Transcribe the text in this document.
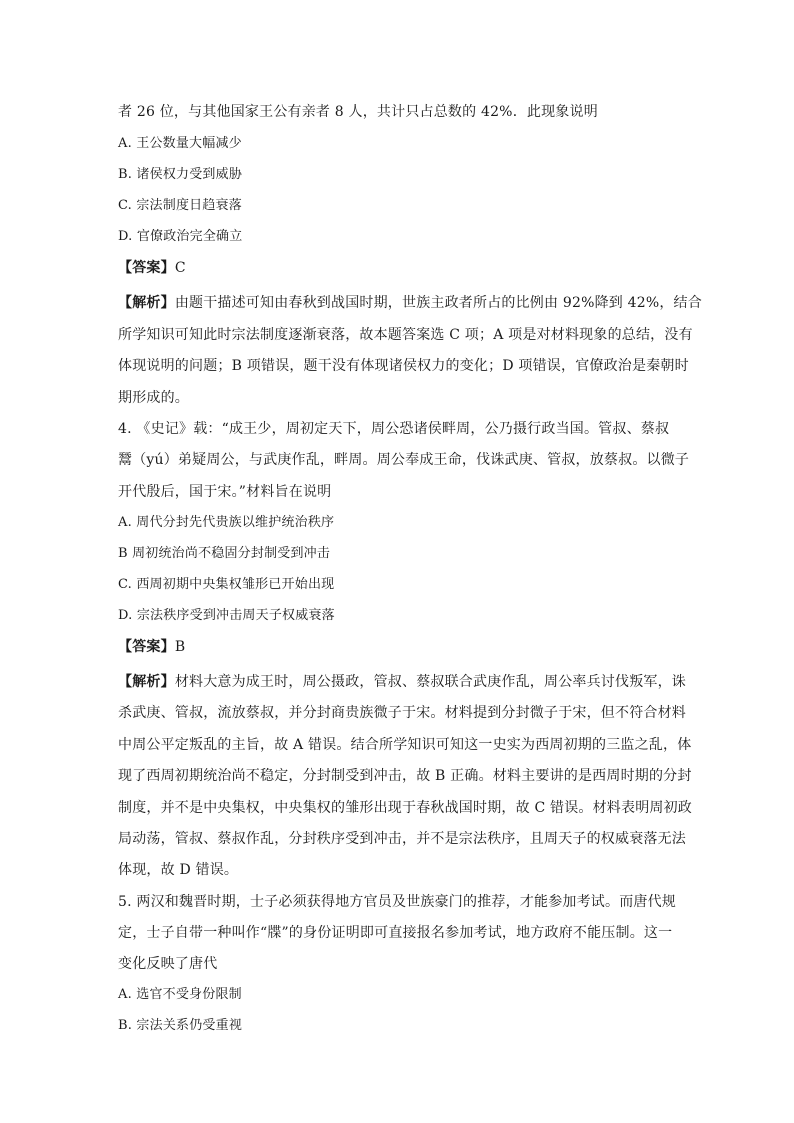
者 26 位，与其他国家王公有亲者 8 人，共计只占总数的 42%．此现象说明
A. 王公数量大幅减少
B. 诸侯权力受到威胁
C. 宗法制度日趋衰落
D. 官僚政治完全确立
【答案】C
【解析】由题干描述可知由春秋到战国时期，世族主政者所占的比例由 92%降到 42%，结合
所学知识可知此时宗法制度逐渐衰落，故本题答案选 C 项；A 项是对材料现象的总结，没有
体现说明的问题；B 项错误，题干没有体现诸侯权力的变化；D 项错误，官僚政治是秦朝时
期形成的。
4. 《史记》载：“成王少，周初定天下，周公恐诸侯畔周，公乃摄行政当国。管叔、蔡叔
鬵（yú）弟疑周公，与武庚作乱，畔周。周公奉成王命，伐诛武庚、管叔，放蔡叔。以微子
开代殷后，国于宋。”材料旨在说明
A. 周代分封先代贵族以维护统治秩序
B 周初统治尚不稳固分封制受到冲击
C. 西周初期中央集权雏形已开始出现
D. 宗法秩序受到冲击周天子权威衰落
【答案】B
【解析】材料大意为成王时，周公摄政，管叔、蔡叔联合武庚作乱，周公率兵讨伐叛军，诛
杀武庚、管叔，流放蔡叔，并分封商贵族微子于宋。材料提到分封微子于宋，但不符合材料
中周公平定叛乱的主旨，故 A 错误。结合所学知识可知这一史实为西周初期的三监之乱，体
现了西周初期统治尚不稳定，分封制受到冲击，故 B 正确。材料主要讲的是西周时期的分封
制度，并不是中央集权，中央集权的雏形出现于春秋战国时期，故 C 错误。材料表明周初政
局动荡，管叔、蔡叔作乱，分封秩序受到冲击，并不是宗法秩序，且周天子的权威衰落无法
体现，故 D 错误。
5. 两汉和魏晋时期，士子必须获得地方官员及世族豪门的推荐，才能参加考试。而唐代规
定，士子自带一种叫作“牒”的身份证明即可直接报名参加考试，地方政府不能压制。这一
变化反映了唐代
A. 选官不受身份限制
B. 宗法关系仍受重视
